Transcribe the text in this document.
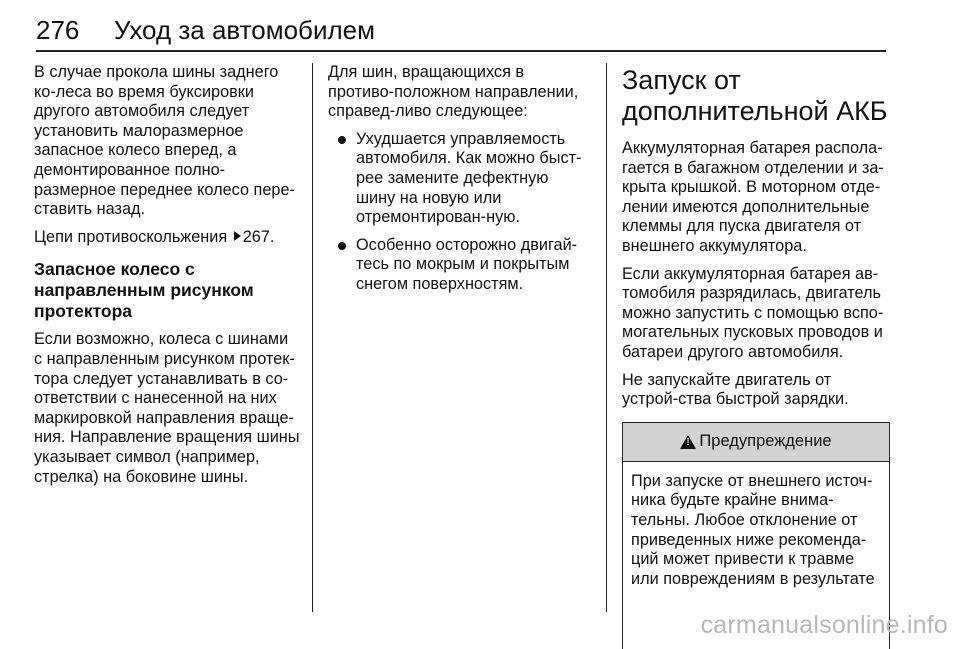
276 Уход за автомобилем

В случае прокола шины заднего ко-леса во время буксировки другого автомобиля следует установить малоразмерное запасное колесо вперед, а демонтированное полно-размерное переднее колесо пере-ставить назад.

Цепи противоскольжения 267.

Запасное колесо с направленным рисунком протектора

Если возможно, колеса с шинами с направленным рисунком протек-тора следует устанавливать в со-ответствии с нанесенной на них маркировкой направления враще-ния. Направление вращения шины указывает символ (например, стрелка) на боковине шины.

Для шин, вращающихся в противо-положном направлении, справед-ливо следующее:

Ухудшается управляемость автомобиля. Как можно быст-рее замените дефектную шину на новую или отремонтирован-ную.
Особенно осторожно двигай-тесь по мокрым и покрытым снегом поверхностям.
Запуск от дополнительной АКБ

Аккумуляторная батарея распола-гается в багажном отделении и за-крыта крышкой. В моторном отде-лении имеются дополнительные клеммы для пуска двигателя от внешнего аккумулятора.

Если аккумуляторная батарея ав-томобиля разрядилась, двигатель можно запустить с помощью вспо-могательных пусковых проводов и батареи другого автомобиля.

Не запускайте двигатель от устрой-ства быстрой зарядки.

!
Предупреждение
При запуске от внешнего источ-ника будьте крайне внима-тельны. Любое отклонение от приведенных ниже рекоменда-ций может привести к травме или повреждениям в результате
carmanualsonline.info
